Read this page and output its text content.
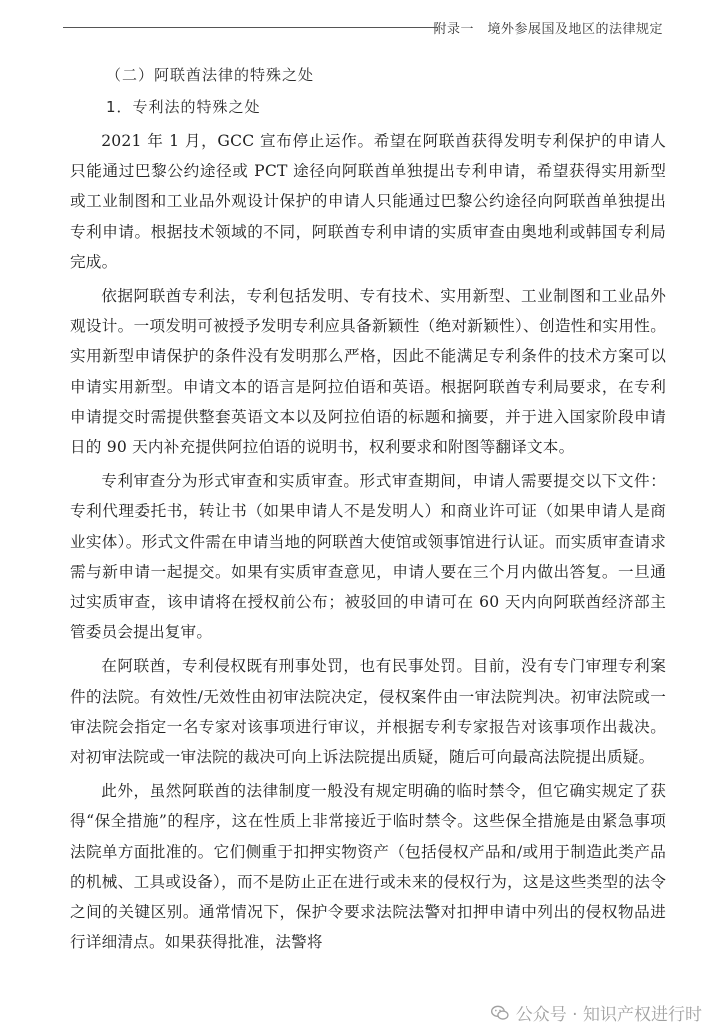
附录一　境外参展国及地区的法律规定
（二）阿联酋法律的特殊之处
1．专利法的特殊之处

2021 年 1 月，GCC 宣布停止运作。希望在阿联酋获得发明专利保护的申请人只能通过巴黎公约途径或 PCT 途径向阿联酋单独提出专利申请，希望获得实用新型或工业制图和工业品外观设计保护的申请人只能通过巴黎公约途径向阿联酋单独提出专利申请。根据技术领域的不同，阿联酋专利申请的实质审查由奥地利或韩国专利局完成。

依据阿联酋专利法，专利包括发明、专有技术、实用新型、工业制图和工业品外观设计。一项发明可被授予发明专利应具备新颖性（绝对新颖性）、创造性和实用性。实用新型申请保护的条件没有发明那么严格，因此不能满足专利条件的技术方案可以申请实用新型。申请文本的语言是阿拉伯语和英语。根据阿联酋专利局要求，在专利申请提交时需提供整套英语文本以及阿拉伯语的标题和摘要，并于进入国家阶段申请日的 90 天内补充提供阿拉伯语的说明书，权利要求和附图等翻译文本。

专利审查分为形式审查和实质审查。形式审查期间，申请人需要提交以下文件：专利代理委托书，转让书（如果申请人不是发明人）和商业许可证（如果申请人是商业实体）。形式文件需在申请当地的阿联酋大使馆或领事馆进行认证。而实质审查请求需与新申请一起提交。如果有实质审查意见，申请人要在三个月内做出答复。一旦通过实质审查，该申请将在授权前公布；被驳回的申请可在 60 天内向阿联酋经济部主管委员会提出复审。

在阿联酋，专利侵权既有刑事处罚，也有民事处罚。目前，没有专门审理专利案件的法院。有效性/无效性由初审法院决定，侵权案件由一审法院判决。初审法院或一审法院会指定一名专家对该事项进行审议，并根据专利专家报告对该事项作出裁决。对初审法院或一审法院的裁决可向上诉法院提出质疑，随后可向最高法院提出质疑。

此外，虽然阿联酋的法律制度一般没有规定明确的临时禁令，但它确实规定了获得“保全措施”的程序，这在性质上非常接近于临时禁令。这些保全措施是由紧急事项法院单方面批准的。它们侧重于扣押实物资产（包括侵权产品和/或用于制造此类产品的机械、工具或设备），而不是防止正在进行或未来的侵权行为，这是这些类型的法令之间的关键区别。通常情况下，保护令要求法院法警对扣押申请中列出的侵权物品进行详细清点。如果获得批准，法警将

公众号 · 知识产权进行时
